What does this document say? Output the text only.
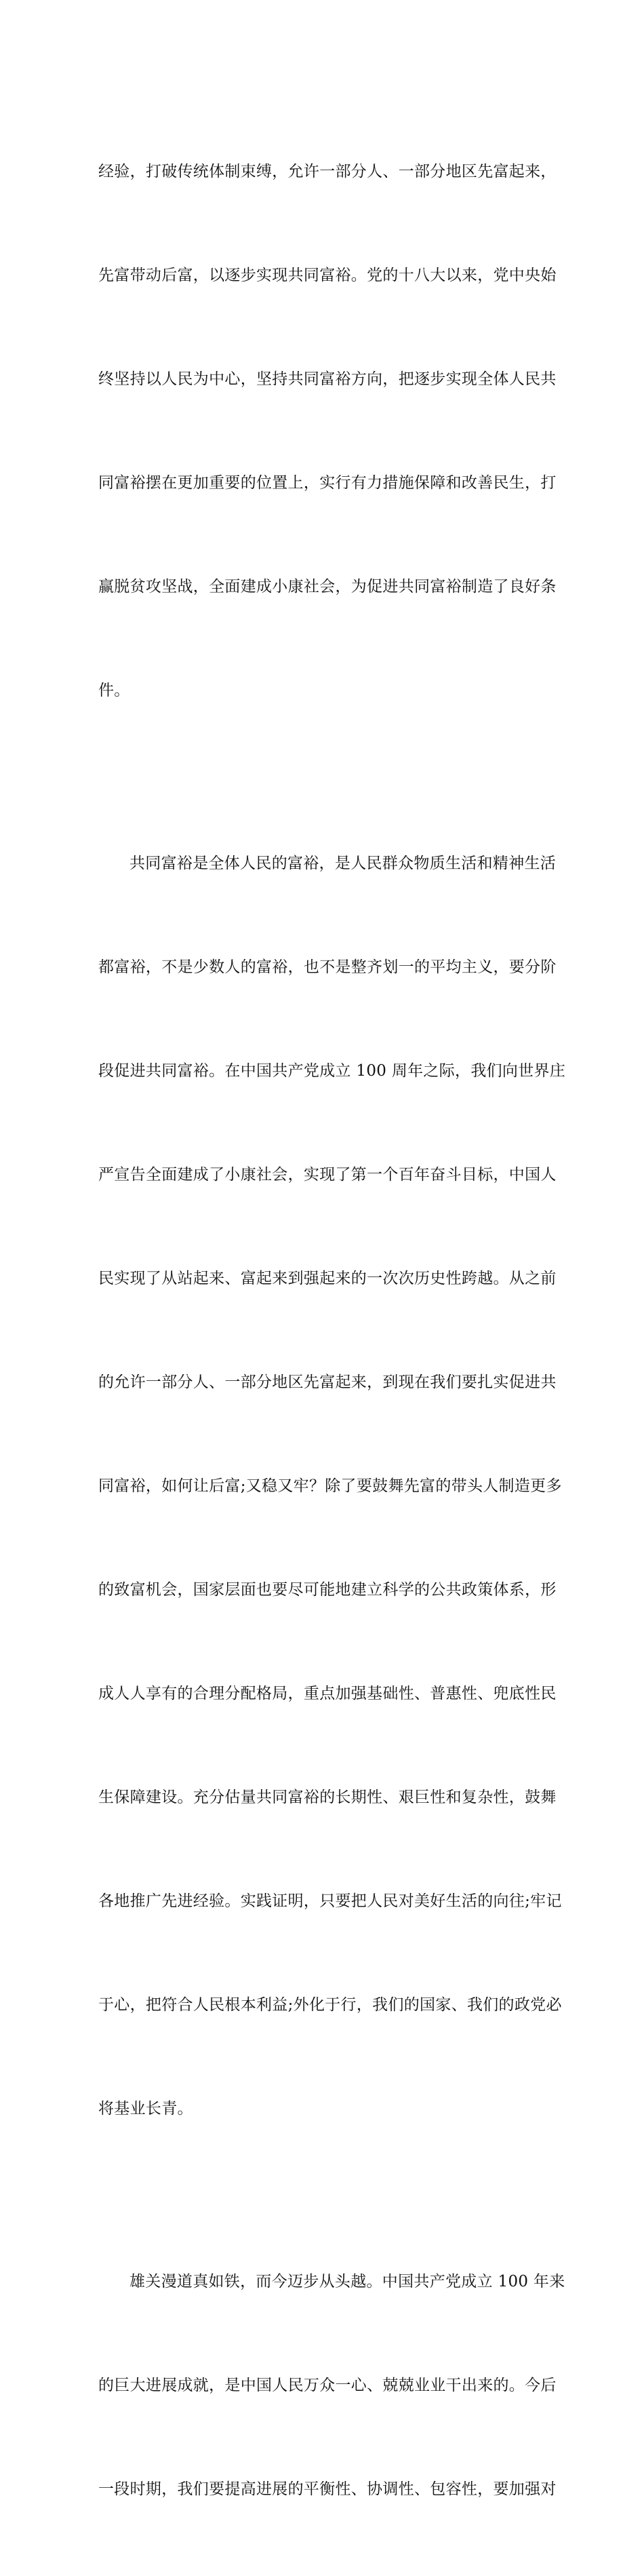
经验，打破传统体制束缚，允许一部分人、一部分地区先富起来，

先富带动后富，以逐步实现共同富裕。党的十八大以来，党中央始

终坚持以人民为中心，坚持共同富裕方向，把逐步实现全体人民共

同富裕摆在更加重要的位置上，实行有力措施保障和改善民生，打

赢脱贫攻坚战，全面建成小康社会，为促进共同富裕制造了良好条

件。

共同富裕是全体人民的富裕，是人民群众物质生活和精神生活

都富裕，不是少数人的富裕，也不是整齐划一的平均主义，要分阶

段促进共同富裕。在中国共产党成立 100 周年之际，我们向世界庄

严宣告全面建成了小康社会，实现了第一个百年奋斗目标，中国人

民实现了从站起来、富起来到强起来的一次次历史性跨越。从之前

的允许一部分人、一部分地区先富起来，到现在我们要扎实促进共

同富裕，如何让后富;又稳又牢？除了要鼓舞先富的带头人制造更多

的致富机会，国家层面也要尽可能地建立科学的公共政策体系，形

成人人享有的合理分配格局，重点加强基础性、普惠性、兜底性民

生保障建设。充分估量共同富裕的长期性、艰巨性和复杂性，鼓舞

各地推广先进经验。实践证明，只要把人民对美好生活的向往;牢记

于心，把符合人民根本利益;外化于行，我们的国家、我们的政党必

将基业长青。

雄关漫道真如铁，而今迈步从头越。中国共产党成立 100 年来

的巨大进展成就，是中国人民万众一心、兢兢业业干出来的。今后

一段时期，我们要提高进展的平衡性、协调性、包容性，要加强对
